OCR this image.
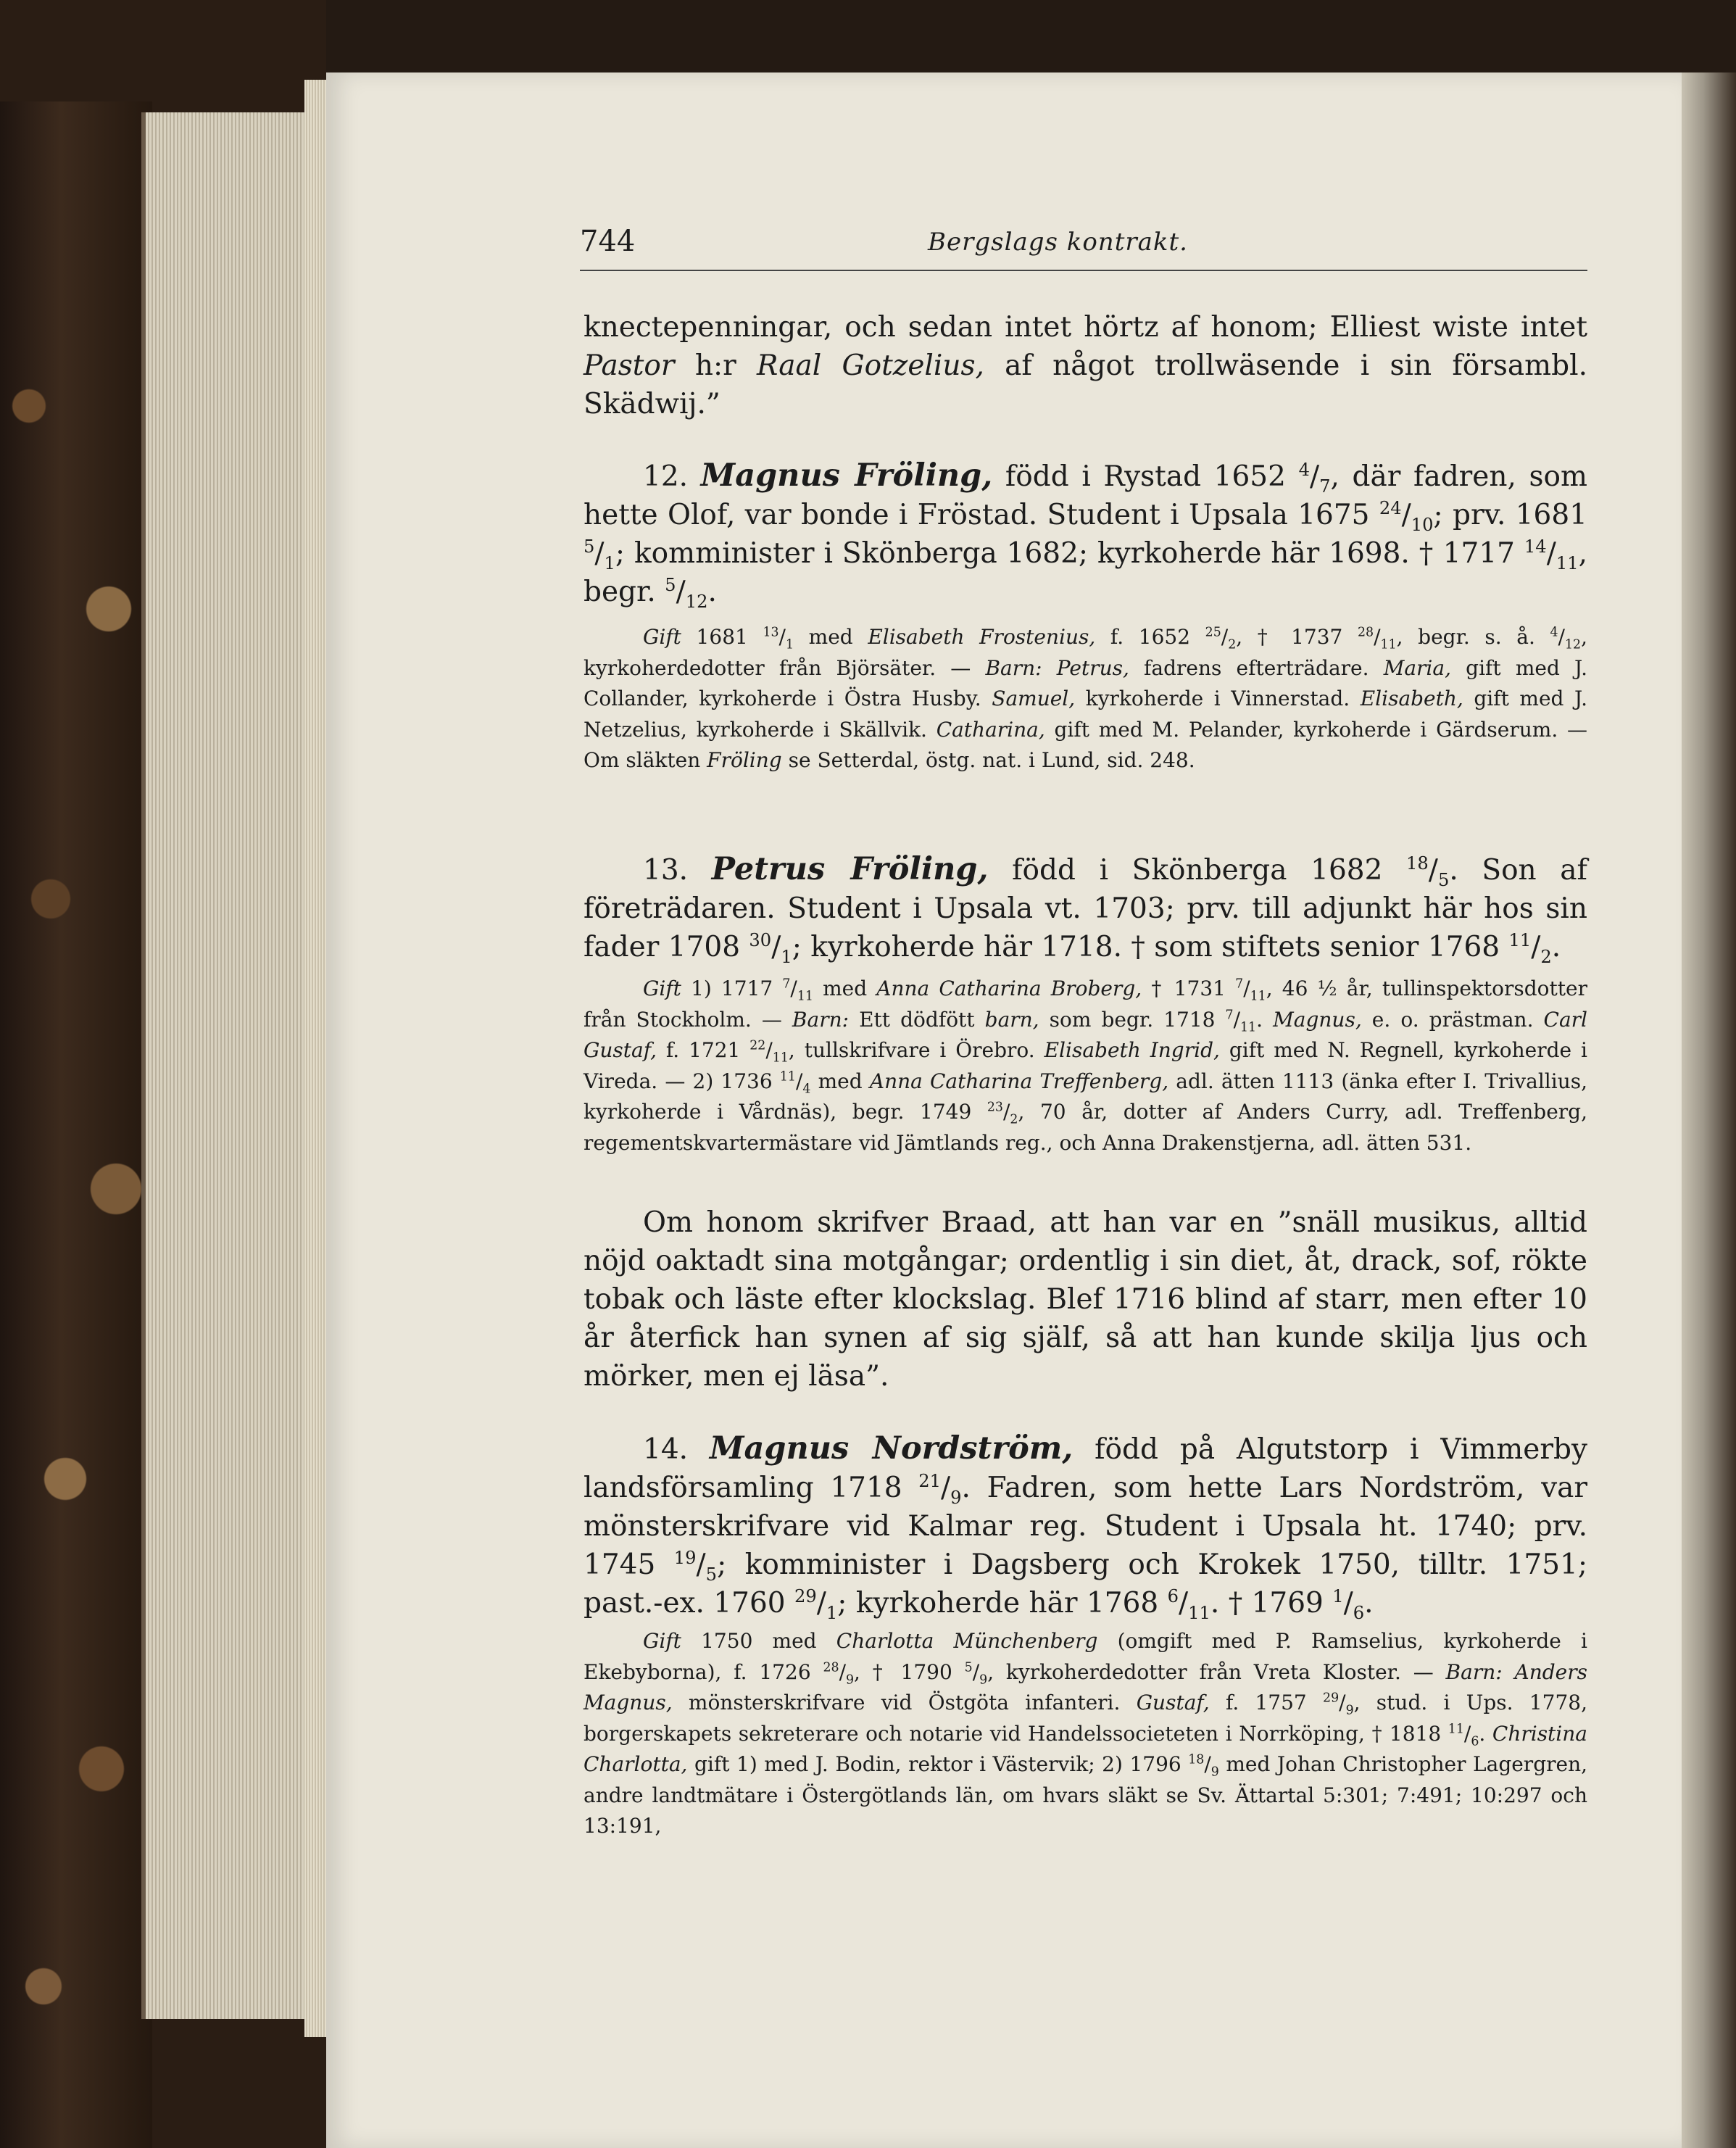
744	Bergslags kontrakt.

knectepenningar, och sedan intet hörtz af honom; Elliest wiste intet Pastor h:r Raal Gotzelius, af något trollwäsende i sin försambl. Skädwij.”

12. Magnus Fröling, född i Rystad 1652 $^4/_7$, där fadren, som hette Olof, var bonde i Fröstad. Student i Upsala 1675 $^{24}/_{10}$; prv. 1681 $^5/_1$; komminister i Skönberga 1682; kyrkoherde här 1698. † 1717 $^{14}/_{11}$, begr. $^5/_{12}$.

Gift 1681 $^{13}/_1$ med Elisabeth Frostenius, f. 1652 $^{25}/_2$, † 1737 $^{28}/_{11}$, begr. s. å. $^4/_{12}$, kyrkoherdedotter från Björsäter. — Barn: Petrus, fadrens efterträdare. Maria, gift med J. Collander, kyrkoherde i Östra Husby. Samuel, kyrkoherde i Vinnerstad. Elisabeth, gift med J. Netzelius, kyrkoherde i Skällvik. Catharina, gift med M. Pelander, kyrkoherde i Gärdserum. — Om släkten Fröling se Setterdal, östg. nat. i Lund, sid. 248.

13. Petrus Fröling, född i Skönberga 1682 $^{18}/_5$. Son af företrädaren. Student i Upsala vt. 1703; prv. till adjunkt här hos sin fader 1708 $^{30}/_1$; kyrkoherde här 1718. † som stiftets senior 1768 $^{11}/_2$.

Gift 1) 1717 $^7/_{11}$ med Anna Catharina Broberg, † 1731 $^7/_{11}$, 46 ½ år, tullinspektorsdotter från Stockholm. — Barn: Ett dödfött barn, som begr. 1718 $^7/_{11}$. Magnus, e. o. prästman. Carl Gustaf, f. 1721 $^{22}/_{11}$, tullskrifvare i Örebro. Elisabeth Ingrid, gift med N. Regnell, kyrkoherde i Vireda. — 2) 1736 $^{11}/_4$ med Anna Catharina Treffenberg, adl. ätten 1113 (änka efter I. Trivallius, kyrkoherde i Vårdnäs), begr. 1749 $^{23}/_2$, 70 år, dotter af Anders Curry, adl. Treffenberg, regementskvartermästare vid Jämtlands reg., och Anna Drakenstjerna, adl. ätten 531.

Om honom skrifver Braad, att han var en ”snäll musikus, alltid nöjd oaktadt sina motgångar; ordentlig i sin diet, åt, drack, sof, rökte tobak och läste efter klockslag. Blef 1716 blind af starr, men efter 10 år återfick han synen af sig själf, så att han kunde skilja ljus och mörker, men ej läsa”.

14. Magnus Nordström, född på Algutstorp i Vimmerby landsförsamling 1718 $^{21}/_9$. Fadren, som hette Lars Nordström, var mönsterskrifvare vid Kalmar reg. Student i Upsala ht. 1740; prv. 1745 $^{19}/_5$; komminister i Dagsberg och Krokek 1750, tilltr. 1751; past.-ex. 1760 $^{29}/_1$; kyrkoherde här 1768 $^6/_{11}$. † 1769 $^1/_6$.

Gift 1750 med Charlotta Münchenberg (omgift med P. Ramselius, kyrkoherde i Ekebyborna), f. 1726 $^{28}/_9$, † 1790 $^5/_9$, kyrkoherdedotter från Vreta Kloster. — Barn: Anders Magnus, mönsterskrifvare vid Östgöta infanteri. Gustaf, f. 1757 $^{29}/_9$, stud. i Ups. 1778, borgerskapets sekreterare och notarie vid Handelssocieteten i Norrköping, † 1818 $^{11}/_6$. Christina Charlotta, gift 1) med J. Bodin, rektor i Västervik; 2) 1796 $^{18}/_9$ med Johan Christopher Lagergren, andre landtmätare i Östergötlands län, om hvars släkt se Sv. Ättartal 5:301; 7:491; 10:297 och 13:191,
